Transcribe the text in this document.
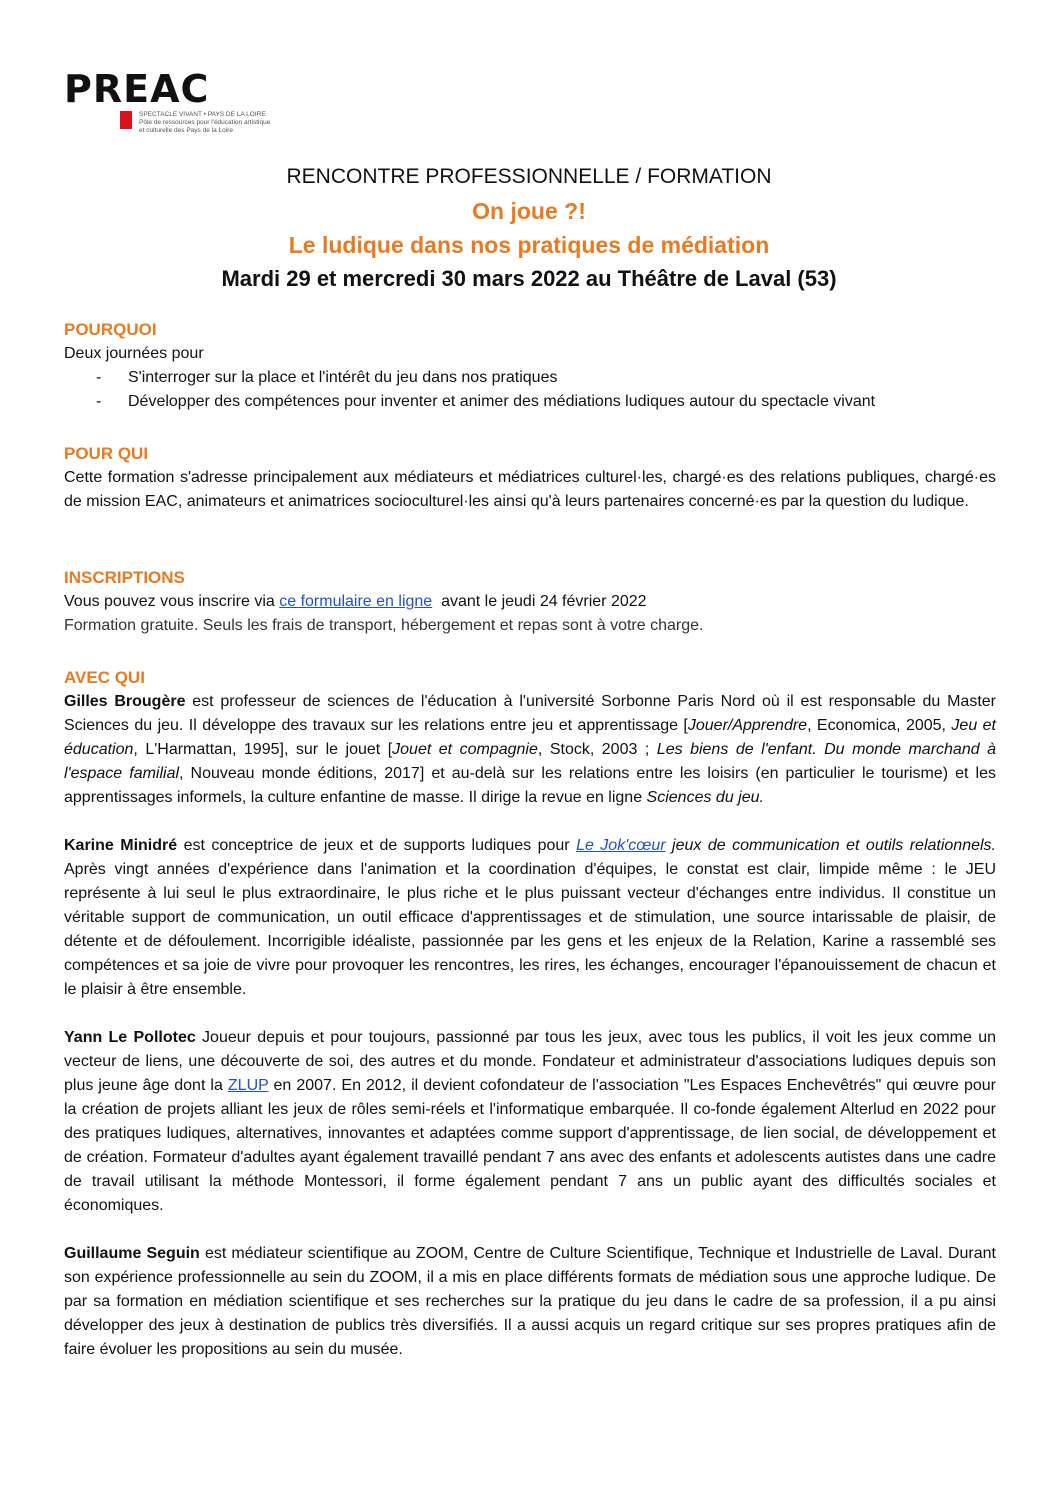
PREAC
SPECTACLE VIVANT • PAYS DE LA LOIRE
Pôle de ressources pour l'éducation artistique
et culturelle des Pays de la Loire
RENCONTRE PROFESSIONNELLE / FORMATION
On joue ?!
Le ludique dans nos pratiques de médiation
Mardi 29 et mercredi 30 mars 2022 au Théâtre de Laval (53)
POURQUOI
Deux journées pour
- S'interroger sur la place et l'intérêt du jeu dans nos pratiques
- Développer des compétences pour inventer et animer des médiations ludiques autour du spectacle vivant
POUR QUI
Cette formation s'adresse principalement aux médiateurs et médiatrices culturel·les, chargé·es des relations publiques, chargé·es de mission EAC, animateurs et animatrices socioculturel·les ainsi qu'à leurs partenaires concerné·es par la question du ludique.
INSCRIPTIONS
Vous pouvez vous inscrire via ce formulaire en ligne  avant le jeudi 24 février 2022
Formation gratuite. Seuls les frais de transport, hébergement et repas sont à votre charge.
AVEC QUI

Gilles Brougère est professeur de sciences de l'éducation à l'université Sorbonne Paris Nord où il est responsable du Master Sciences du jeu. Il développe des travaux sur les relations entre jeu et apprentissage [Jouer/Apprendre, Economica, 2005, Jeu et éducation, L'Harmattan, 1995], sur le jouet [Jouet et compagnie, Stock, 2003 ; Les biens de l'enfant. Du monde marchand à l'espace familial, Nouveau monde éditions, 2017] et au-delà sur les relations entre les loisirs (en particulier le tourisme) et les apprentissages informels, la culture enfantine de masse. Il dirige la revue en ligne Sciences du jeu.

Karine Minidré est conceptrice de jeux et de supports ludiques pour Le Jok'cœur jeux de communication et outils relationnels. Après vingt années d'expérience dans l'animation et la coordination d'équipes, le constat est clair, limpide même : le JEU représente à lui seul le plus extraordinaire, le plus riche et le plus puissant vecteur d'échanges entre individus. Il constitue un véritable support de communication, un outil efficace d'apprentissages et de stimulation, une source intarissable de plaisir, de détente et de défoulement. Incorrigible idéaliste, passionnée par les gens et les enjeux de la Relation, Karine a rassemblé ses compétences et sa joie de vivre pour provoquer les rencontres, les rires, les échanges, encourager l'épanouissement de chacun et le plaisir à être ensemble.

Yann Le Pollotec Joueur depuis et pour toujours, passionné par tous les jeux, avec tous les publics, il voit les jeux comme un vecteur de liens, une découverte de soi, des autres et du monde. Fondateur et administrateur d'associations ludiques depuis son plus jeune âge dont la ZLUP en 2007. En 2012, il devient cofondateur de l'association "Les Espaces Enchevêtrés" qui œuvre pour la création de projets alliant les jeux de rôles semi-réels et l'informatique embarquée. Il co-fonde également Alterlud en 2022 pour des pratiques ludiques, alternatives, innovantes et adaptées comme support d'apprentissage, de lien social, de développement et de création. Formateur d'adultes ayant également travaillé pendant 7 ans avec des enfants et adolescents autistes dans une cadre de travail utilisant la méthode Montessori, il forme également pendant 7 ans un public ayant des difficultés sociales et économiques.

Guillaume Seguin est médiateur scientifique au ZOOM, Centre de Culture Scientifique, Technique et Industrielle de Laval. Durant son expérience professionnelle au sein du ZOOM, il a mis en place différents formats de médiation sous une approche ludique. De par sa formation en médiation scientifique et ses recherches sur la pratique du jeu dans le cadre de sa profession, il a pu ainsi développer des jeux à destination de publics très diversifiés. Il a aussi acquis un regard critique sur ses propres pratiques afin de faire évoluer les propositions au sein du musée.
